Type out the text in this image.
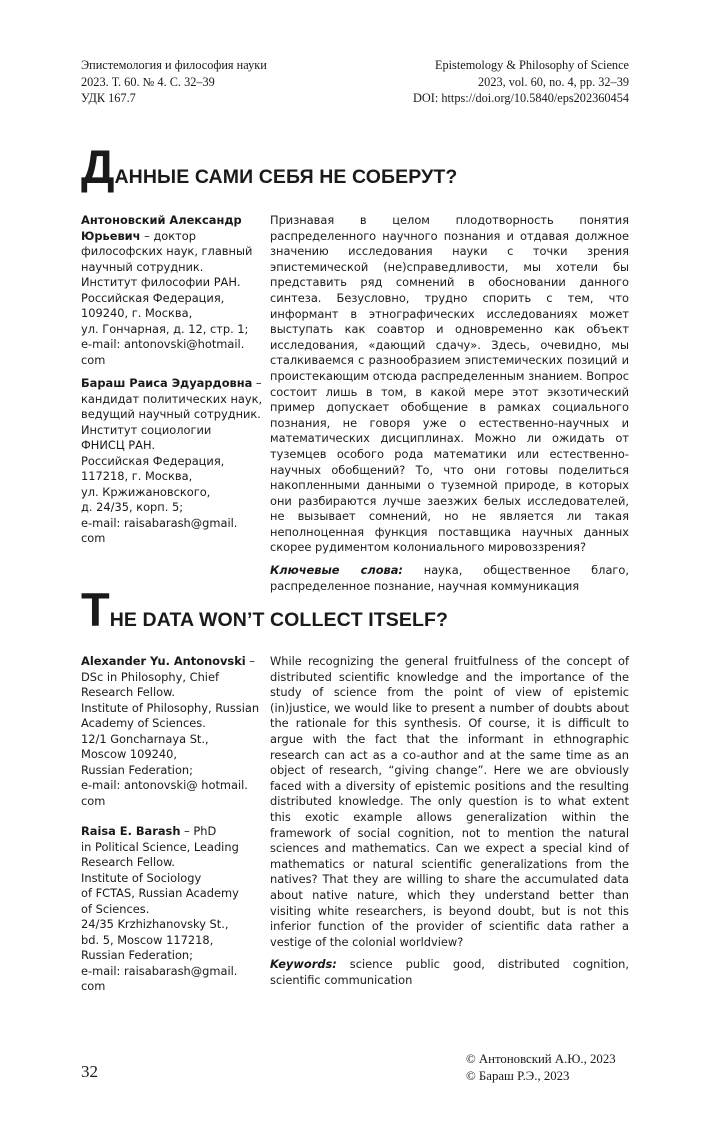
Эпистемология и философия науки
2023. Т. 60. № 4. С. 32–39
УДК 167.7
Epistemology & Philosophy of Science
2023, vol. 60, no. 4, pp. 32–39
DOI: https://doi.org/10.5840/eps202360454
ДАННЫЕ САМИ СЕБЯ НЕ СОБЕРУТ?
Антоновский Александр
Юрьевич – доктор
философских наук, главный
научный сотрудник.
Институт философии РАН.
Российская Федерация,
109240, г. Москва,
ул. Гончарная, д. 12, стр. 1;
e-mail: antonovski@hotmail.
com
Бараш Раиса Эдуардовна –
кандидат политических наук,
ведущий научный сотрудник.
Институт социологии
ФНИСЦ РАН.
Российская Федерация,
117218, г. Москва,
ул. Кржижановского,
д. 24/35, корп. 5;
e-mail: raisabarash@gmail.
com

Признавая в целом плодотворность понятия распределенного научного познания и отдавая должное значению исследования науки с точки зрения эпистемической (не)справедливости, мы хотели бы представить ряд сомнений в обосновании данного синтеза. Безусловно, трудно спорить с тем, что информант в этнографических исследованиях может выступать как соавтор и одновременно как объект исследования, «дающий сдачу». Здесь, очевидно, мы сталкиваемся с разнообразием эпистемических позиций и проистекающим отсюда распределенным знанием. Вопрос состоит лишь в том, в какой мере этот экзотический пример допускает обобщение в рамках социального познания, не говоря уже о естественно-научных и математических дисциплинах. Можно ли ожидать от туземцев особого рода математики или естественно-научных обобщений? То, что они готовы поделиться накопленными данными о туземной природе, в которых они разбираются лучше заезжих белых исследователей, не вызывает сомнений, но не является ли такая неполноценная функция поставщика научных данных скорее рудиментом колониального мировоззрения?

Ключевые слова: наука, общественное благо, распределенное познание, научная коммуникация

THE DATA WON’T COLLECT ITSELF?
Alexander Yu. Antonovski –
DSc in Philosophy, Chief
Research Fellow.
Institute of Philosophy, Russian
Academy of Sciences.
12/1 Goncharnaya St.,
Moscow 109240,
Russian Federation;
e-mail: antonovski@ hotmail.
com
Raisa E. Barash – PhD
in Political Science, Leading
Research Fellow.
Institute of Sociology
of FCTAS, Russian Academy
of Sciences.
24/35 Krzhizhanovsky St.,
bd. 5, Moscow 117218,
Russian Federation;
e-mail: raisabarash@gmail.
com

While recognizing the general fruitfulness of the concept of distributed scientific knowledge and the importance of the study of science from the point of view of epistemic (in)justice, we would like to present a number of doubts about the rationale for this synthesis. Of course, it is difficult to argue with the fact that the informant in ethnographic research can act as a co-author and at the same time as an object of research, “giving change”. Here we are obviously faced with a diversity of epistemic positions and the resulting distributed knowledge. The only question is to what extent this exotic example allows generalization within the framework of social cognition, not to mention the natural sciences and mathematics. Can we expect a special kind of mathematics or natural scientific generalizations from the natives? That they are willing to share the accumulated data about native nature, which they understand better than visiting white researchers, is beyond doubt, but is not this inferior function of the provider of scientific data rather a vestige of the colonial worldview?

Keywords: science public good, distributed cognition, scientific communication

32
© Антоновский А.Ю., 2023
© Бараш Р.Э., 2023
